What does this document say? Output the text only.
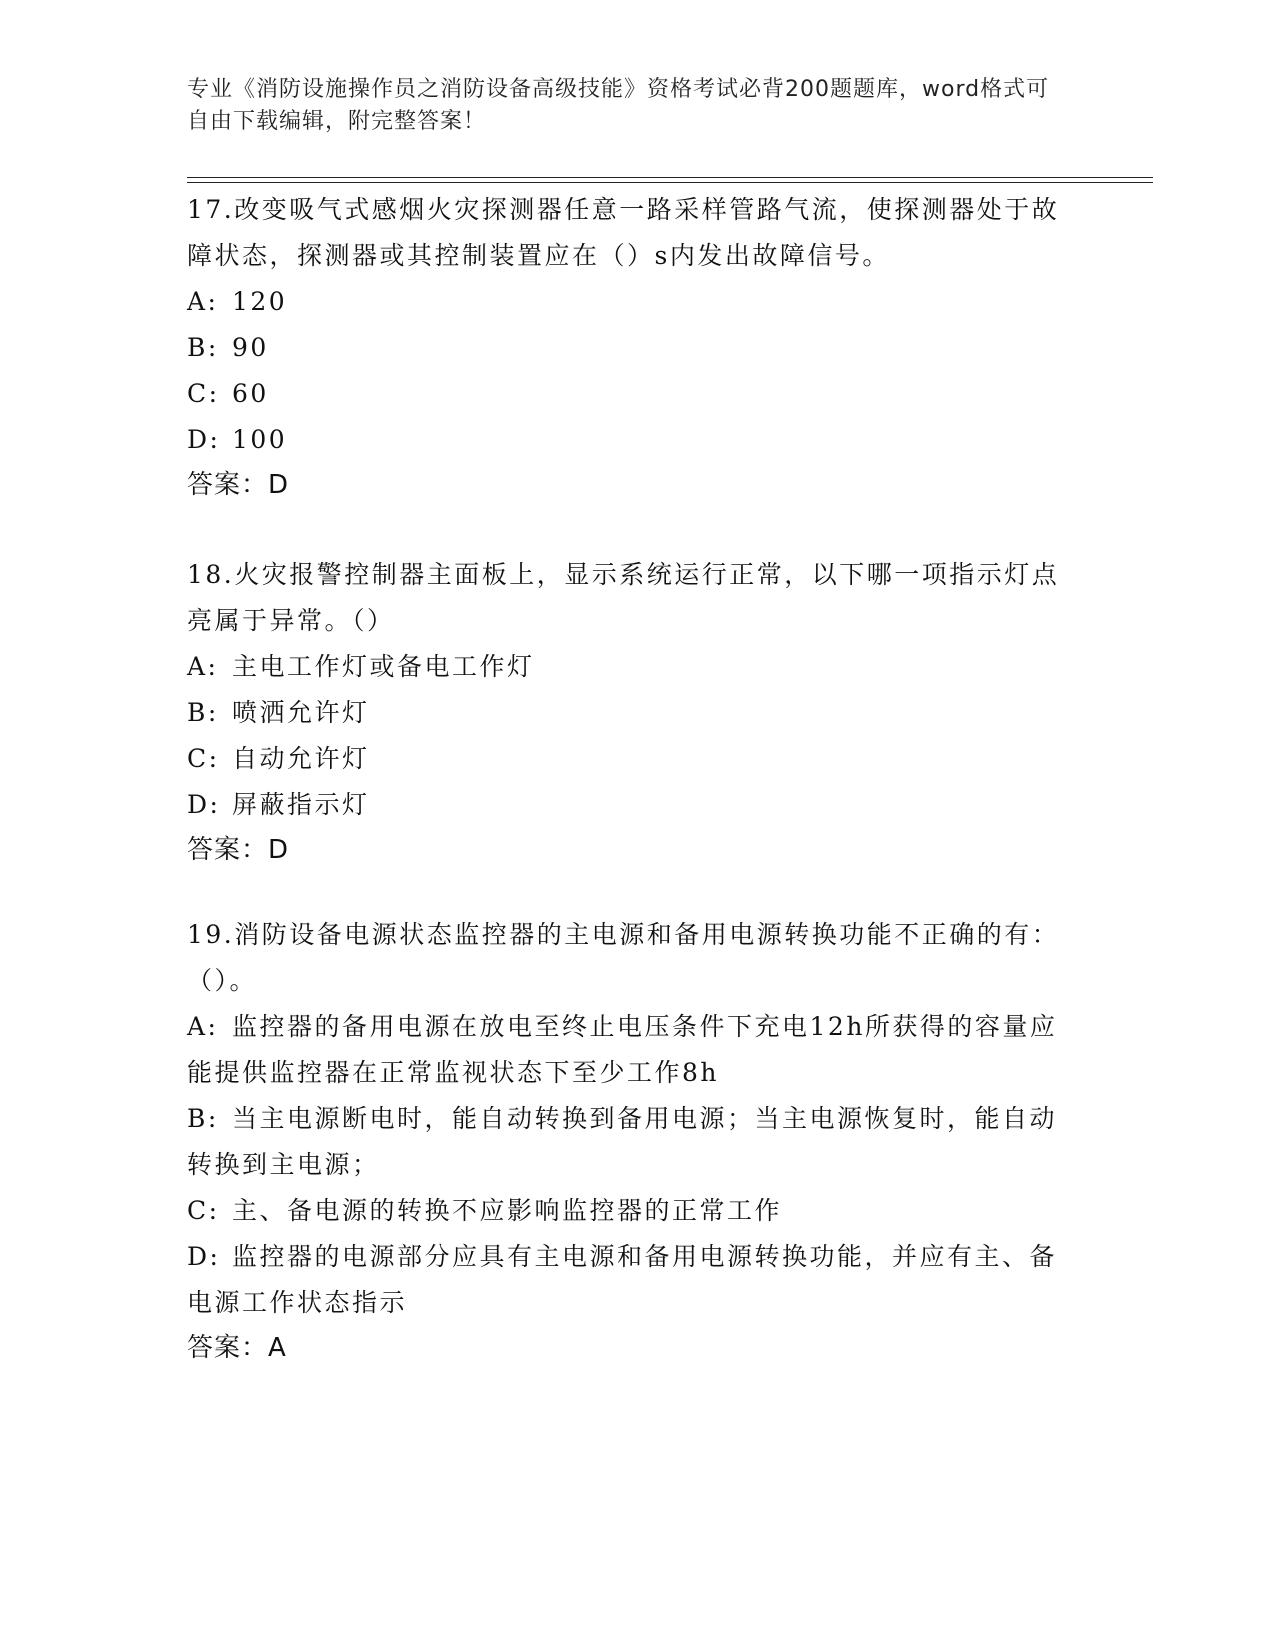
专业《消防设施操作员之消防设备高级技能》资格考试必背200题题库，word格式可自由下载编辑，附完整答案！

17.改变吸气式感烟火灾探测器任意一路采样管路气流，使探测器处于故障状态，探测器或其控制装置应在（）s内发出故障信号。

A: 120

B: 90

C: 60

D: 100

答案：D

18.火灾报警控制器主面板上，显示系统运行正常，以下哪一项指示灯点亮属于异常。（）

A: 主电工作灯或备电工作灯

B: 喷洒允许灯

C: 自动允许灯

D: 屏蔽指示灯

答案：D

19.消防设备电源状态监控器的主电源和备用电源转换功能不正确的有：（）。

A: 监控器的备用电源在放电至终止电压条件下充电12h所获得的容量应能提供监控器在正常监视状态下至少工作8h

B: 当主电源断电时，能自动转换到备用电源；当主电源恢复时，能自动转换到主电源；

C: 主、备电源的转换不应影响监控器的正常工作

D: 监控器的电源部分应具有主电源和备用电源转换功能，并应有主、备电源工作状态指示

答案：A
